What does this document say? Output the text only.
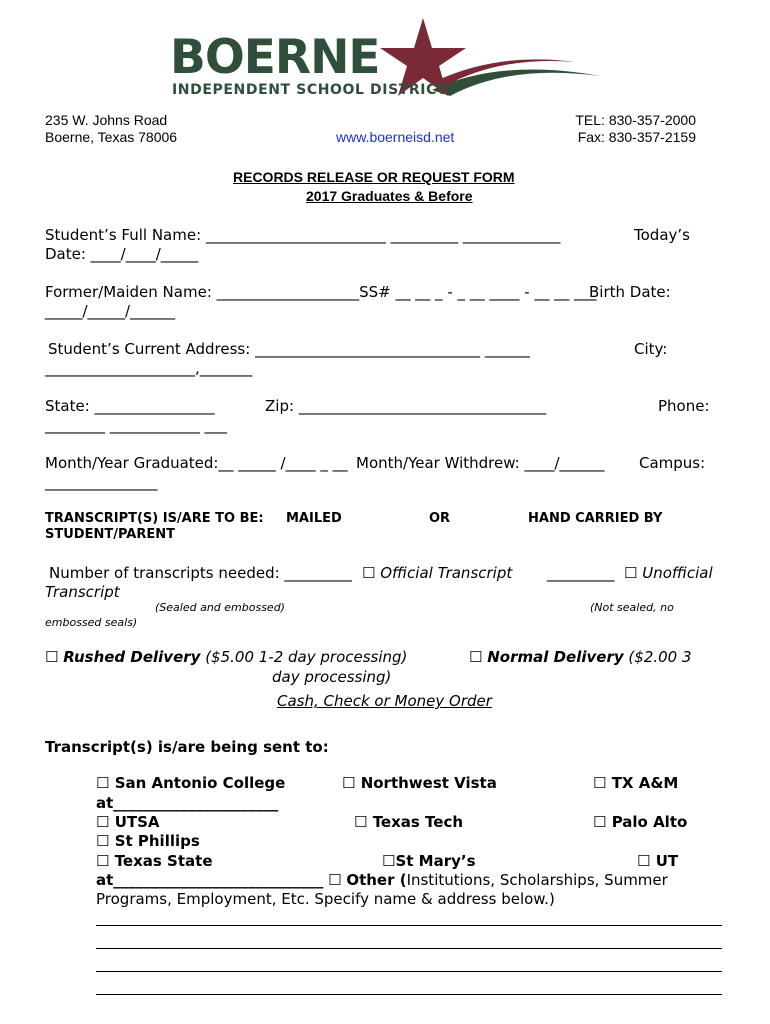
BOERNE
INDEPENDENT SCHOOL DISTRICT
235 W. Johns Road
Boerne, Texas 78006	www.boerneisd.net
TEL: 830-357-2000
Fax: 830-357-2159
RECORDS RELEASE OR REQUEST FORM
2017 Graduates & Before
Student’s Full Name: ________________________ _________ _____________	Today’s
Date: ____/____/_____
Former/Maiden Name: ___________________SS# __ __ _ - _ __ ____ - __ __ ___
Birth Date:
_____/_____/______
Student’s Current Address: ______________________________ ______	City:
____________________,_______
State: ________________	Zip: _________________________________	Phone:
________ ____________ ___
Month/Year Graduated:__ _____ /____ _ __ Month/Year Withdrew: ____/______ Campus:
_______________
TRANSCRIPT(S) IS/ARE TO BE:
STUDENT/PARENT
MAILED	OR	HAND CARRIED BY
Number of transcripts needed: _________ ☐ Official Transcript _________ ☐ Unofficial
Transcript
(Sealed and embossed)	(Not sealed, no
embossed seals)
☐ Rushed Delivery ($5.00 1-2 day processing)	☐ Normal Delivery ($2.00 3
day processing)
Cash, Check or Money Order
Transcript(s) is/are being sent to:
☐ San Antonio College	☐ Northwest Vista	☐ TX A&M
at______________________
☐ UTSA	☐ Texas Tech	☐ Palo Alto
☐ St Phillips
☐ Texas State	☐St Mary’s	☐ UT
at____________________________ ☐ Other (Institutions, Scholarships, Summer
Programs, Employment, Etc. Specify name & address below.)
